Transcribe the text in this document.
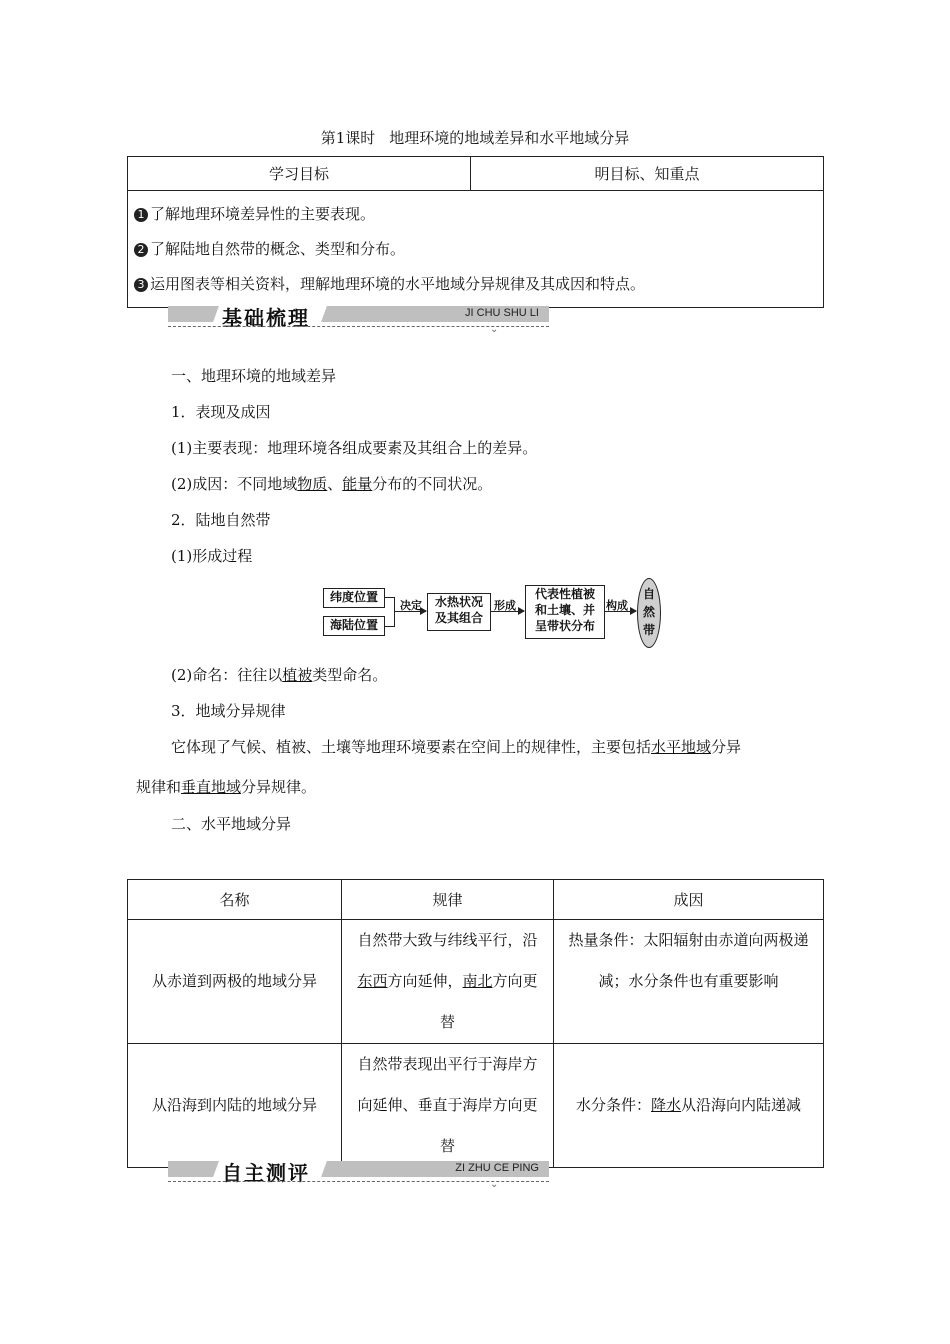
第1课时 地理环境的地域差异和水平地域分异
学习目标	明目标、知重点

1 了解地理环境差异性的主要表现。
2 了解陆地自然带的概念、类型和分布。
3 运用图表等相关资料，理解地理环境的水平地域分异规律及其成因和特点。
基础梳理	JI CHU SHU LI
⌄
一、地理环境的地域差异
1．表现及成因
(1)主要表现：地理环境各组成要素及其组合上的差异。
(2)成因：不同地域物质、能量分布的不同状况。
2．陆地自然带
(1)形成过程
纬度位置
海陆位置
决定	水热状况
及其组合
形成
代表性植被
和土壤、并
呈带状分布
构成
自
然
带
(2)命名：往往以植被类型命名。
3．地域分异规律
它体现了气候、植被、土壤等地理环境要素在空间上的规律性，主要包括水平地域分异
规律和垂直地域分异规律。
二、水平地域分异
名称	规律	成因
从赤道到两极的地域分异	自然带大致与纬线平行，沿东西方向延伸，南北方向更替	热量条件：太阳辐射由赤道向两极递减；水分条件也有重要影响
从沿海到内陆的地域分异	自然带表现出平行于海岸方向延伸、垂直于海岸方向更替	水分条件：降水从沿海向内陆递减
自主测评	ZI ZHU CE PING
⌄
